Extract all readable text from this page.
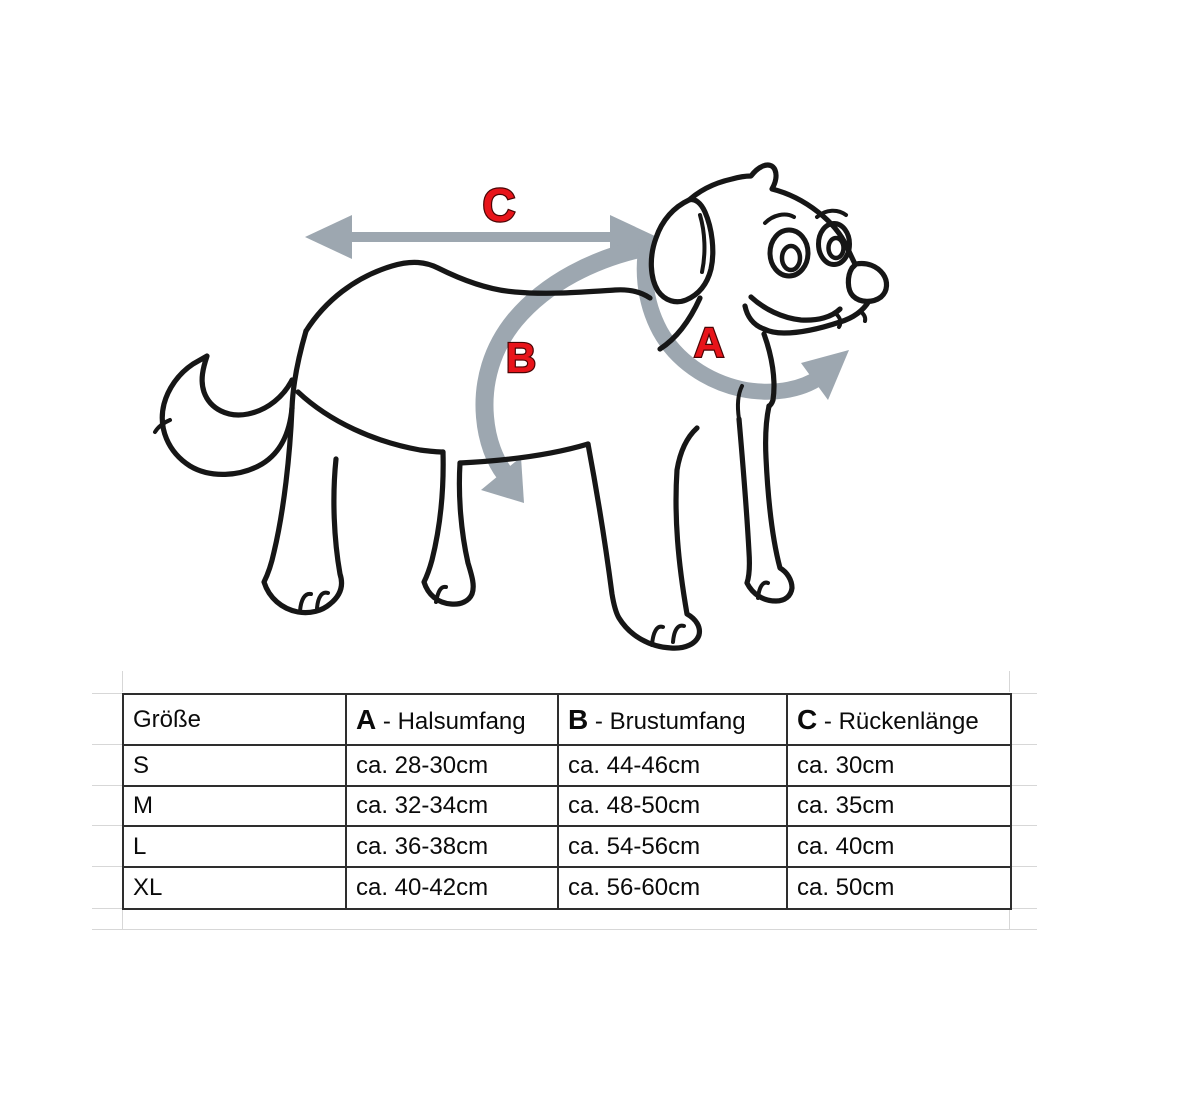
C
B	A
Größe	A - Halsumfang	B - Brustumfang	C - Rückenlänge
S	ca. 28-30cm	ca. 44-46cm	ca. 30cm
M	ca. 32-34cm	ca. 48-50cm	ca. 35cm
L	ca. 36-38cm	ca. 54-56cm	ca. 40cm
XL	ca. 40-42cm	ca. 56-60cm	ca. 50cm
